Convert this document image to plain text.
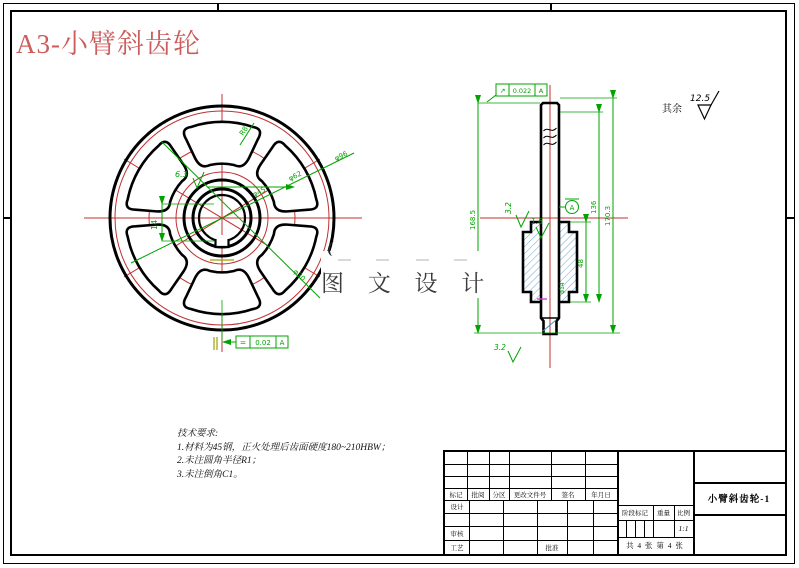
6.3
14
R8
φ45
φ62
φ96
φ30
= 0.02 A
↗ 0.022 A
3.2
1.6
3.2
A
48
136 170.3
168.5
φ14
其余
12.5
图 文 设 计
A3-小臂斜齿轮
技术要求:
1.材料为45钢，正火处理后齿面硬度180~210HBW；
2.未注圆角半径R1；
3.未注倒角C1。
标记	批阅	分区	更改文件号	签名	年月日
设计
审核
工艺	批准
阶段标记	重量	比例
1:1
共 4 张 第 4 张
小臂斜齿轮-1
